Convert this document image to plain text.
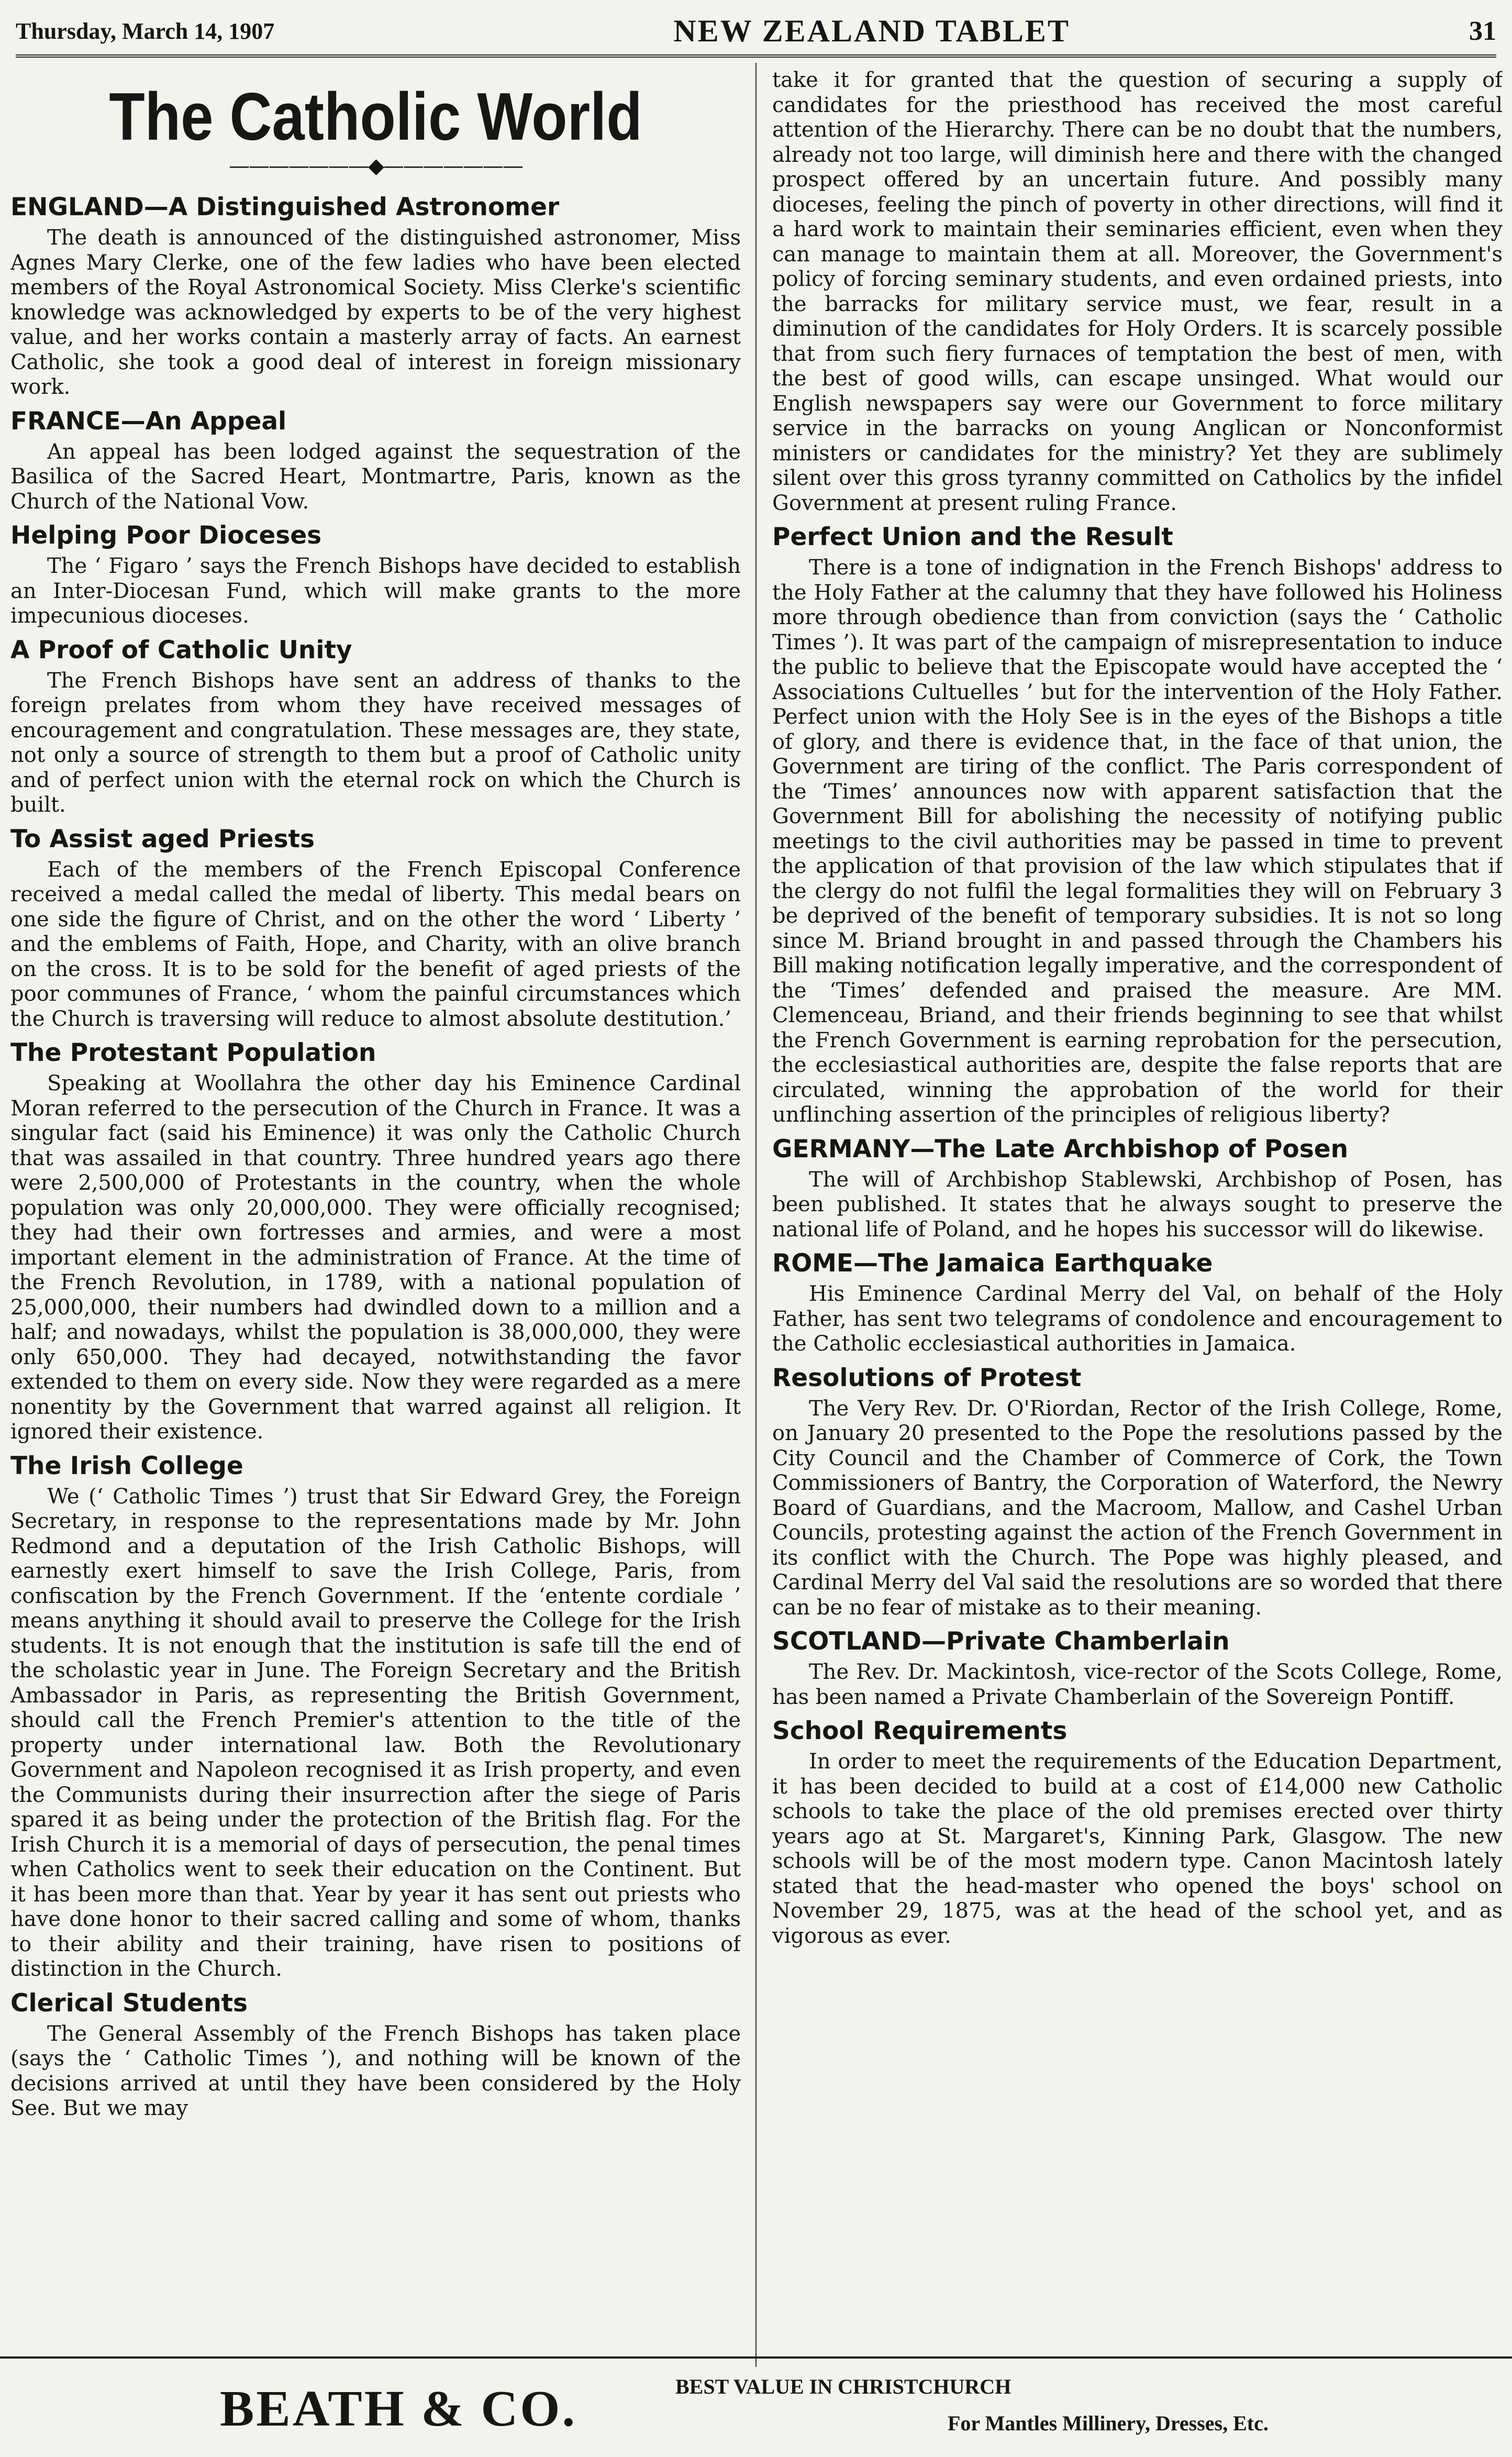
Thursday, March 14, 1907	NEW ZEALAND TABLET	31
The Catholic World
———————◆———————
ENGLAND—A Distinguished Astronomer

The death is announced of the distinguished astronomer, Miss Agnes Mary Clerke, one of the few ladies who have been elected members of the Royal Astronomical Society. Miss Clerke's scientific knowledge was acknowledged by experts to be of the very highest value, and her works contain a masterly array of facts. An earnest Catholic, she took a good deal of interest in foreign missionary work.

FRANCE—An Appeal

An appeal has been lodged against the sequestration of the Basilica of the Sacred Heart, Montmartre, Paris, known as the Church of the National Vow.

Helping Poor Dioceses

The ‘ Figaro ’ says the French Bishops have decided to establish an Inter-Diocesan Fund, which will make grants to the more impecunious dioceses.

A Proof of Catholic Unity

The French Bishops have sent an address of thanks to the foreign prelates from whom they have received messages of encouragement and congratulation. These messages are, they state, not only a source of strength to them but a proof of Catholic unity and of perfect union with the eternal rock on which the Church is built.

To Assist aged Priests

Each of the members of the French Episcopal Conference received a medal called the medal of liberty. This medal bears on one side the figure of Christ, and on the other the word ‘ Liberty ’ and the emblems of Faith, Hope, and Charity, with an olive branch on the cross. It is to be sold for the benefit of aged priests of the poor communes of France, ‘ whom the painful circumstances which the Church is traversing will reduce to almost absolute destitution.’

The Protestant Population

Speaking at Woollahra the other day his Eminence Cardinal Moran referred to the persecution of the Church in France. It was a singular fact (said his Eminence) it was only the Catholic Church that was assailed in that country. Three hundred years ago there were 2,500,000 of Protestants in the country, when the whole population was only 20,000,000. They were officially recognised; they had their own fortresses and armies, and were a most important element in the administration of France. At the time of the French Revolution, in 1789, with a national population of 25,000,000, their numbers had dwindled down to a million and a half; and nowadays, whilst the population is 38,000,000, they were only 650,000. They had decayed, notwithstanding the favor extended to them on every side. Now they were regarded as a mere nonentity by the Government that warred against all religion. It ignored their existence.

The Irish College

We (‘ Catholic Times ’) trust that Sir Edward Grey, the Foreign Secretary, in response to the representations made by Mr. John Redmond and a deputation of the Irish Catholic Bishops, will earnestly exert himself to save the Irish College, Paris, from confiscation by the French Government. If the ‘entente cordiale ’ means anything it should avail to preserve the College for the Irish students. It is not enough that the institution is safe till the end of the scholastic year in June. The Foreign Secretary and the British Ambassador in Paris, as representing the British Government, should call the French Premier's attention to the title of the property under international law. Both the Revolutionary Government and Napoleon recognised it as Irish property, and even the Communists during their insurrection after the siege of Paris spared it as being under the protection of the British flag. For the Irish Church it is a memorial of days of persecution, the penal times when Catholics went to seek their education on the Continent. But it has been more than that. Year by year it has sent out priests who have done honor to their sacred calling and some of whom, thanks to their ability and their training, have risen to positions of distinction in the Church.

Clerical Students

The General Assembly of the French Bishops has taken place (says the ‘ Catholic Times ’), and nothing will be known of the decisions arrived at until they have been considered by the Holy See. But we may

take it for granted that the question of securing a supply of candidates for the priesthood has received the most careful attention of the Hierarchy. There can be no doubt that the numbers, already not too large, will diminish here and there with the changed prospect offered by an uncertain future. And possibly many dioceses, feeling the pinch of poverty in other directions, will find it a hard work to maintain their seminaries efficient, even when they can manage to maintain them at all. Moreover, the Government's policy of forcing seminary students, and even ordained priests, into the barracks for military service must, we fear, result in a diminution of the candidates for Holy Orders. It is scarcely possible that from such fiery furnaces of temptation the best of men, with the best of good wills, can escape unsinged. What would our English newspapers say were our Government to force military service in the barracks on young Anglican or Nonconformist ministers or candidates for the ministry? Yet they are sublimely silent over this gross tyranny committed on Catholics by the infidel Government at present ruling France.

Perfect Union and the Result

There is a tone of indignation in the French Bishops' address to the Holy Father at the calumny that they have followed his Holiness more through obedience than from conviction (says the ‘ Catholic Times ’). It was part of the campaign of misrepresentation to induce the public to believe that the Episcopate would have accepted the ‘ Associations Cultuelles ’ but for the intervention of the Holy Father. Perfect union with the Holy See is in the eyes of the Bishops a title of glory, and there is evidence that, in the face of that union, the Government are tiring of the conflict. The Paris correspondent of the ‘Times’ announces now with apparent satisfaction that the Government Bill for abolishing the necessity of notifying public meetings to the civil authorities may be passed in time to prevent the application of that provision of the law which stipulates that if the clergy do not fulfil the legal formalities they will on February 3 be deprived of the benefit of temporary subsidies. It is not so long since M. Briand brought in and passed through the Chambers his Bill making notification legally imperative, and the correspondent of the ‘Times’ defended and praised the measure. Are MM. Clemenceau, Briand, and their friends beginning to see that whilst the French Government is earning reprobation for the persecution, the ecclesiastical authorities are, despite the false reports that are circulated, winning the approbation of the world for their unflinching assertion of the principles of religious liberty?

GERMANY—The Late Archbishop of Posen

The will of Archbishop Stablewski, Archbishop of Posen, has been published. It states that he always sought to preserve the national life of Poland, and he hopes his successor will do likewise.

ROME—The Jamaica Earthquake

His Eminence Cardinal Merry del Val, on behalf of the Holy Father, has sent two telegrams of condolence and encouragement to the Catholic ecclesiastical authorities in Jamaica.

Resolutions of Protest

The Very Rev. Dr. O'Riordan, Rector of the Irish College, Rome, on January 20 presented to the Pope the resolutions passed by the City Council and the Chamber of Commerce of Cork, the Town Commissioners of Bantry, the Corporation of Waterford, the Newry Board of Guardians, and the Macroom, Mallow, and Cashel Urban Councils, protesting against the action of the French Government in its conflict with the Church. The Pope was highly pleased, and Cardinal Merry del Val said the resolutions are so worded that there can be no fear of mistake as to their meaning.

SCOTLAND—Private Chamberlain

The Rev. Dr. Mackintosh, vice-rector of the Scots College, Rome, has been named a Private Chamberlain of the Sovereign Pontiff.

School Requirements

In order to meet the requirements of the Education Department, it has been decided to build at a cost of £14,000 new Catholic schools to take the place of the old premises erected over thirty years ago at St. Margaret's, Kinning Park, Glasgow. The new schools will be of the most modern type. Canon Macintosh lately stated that the head-master who opened the boys' school on November 29, 1875, was at the head of the school yet, and as vigorous as ever.

BEATH & CO.	BEST VALUE IN CHRISTCHURCH
For Mantles Millinery, Dresses, Etc.
